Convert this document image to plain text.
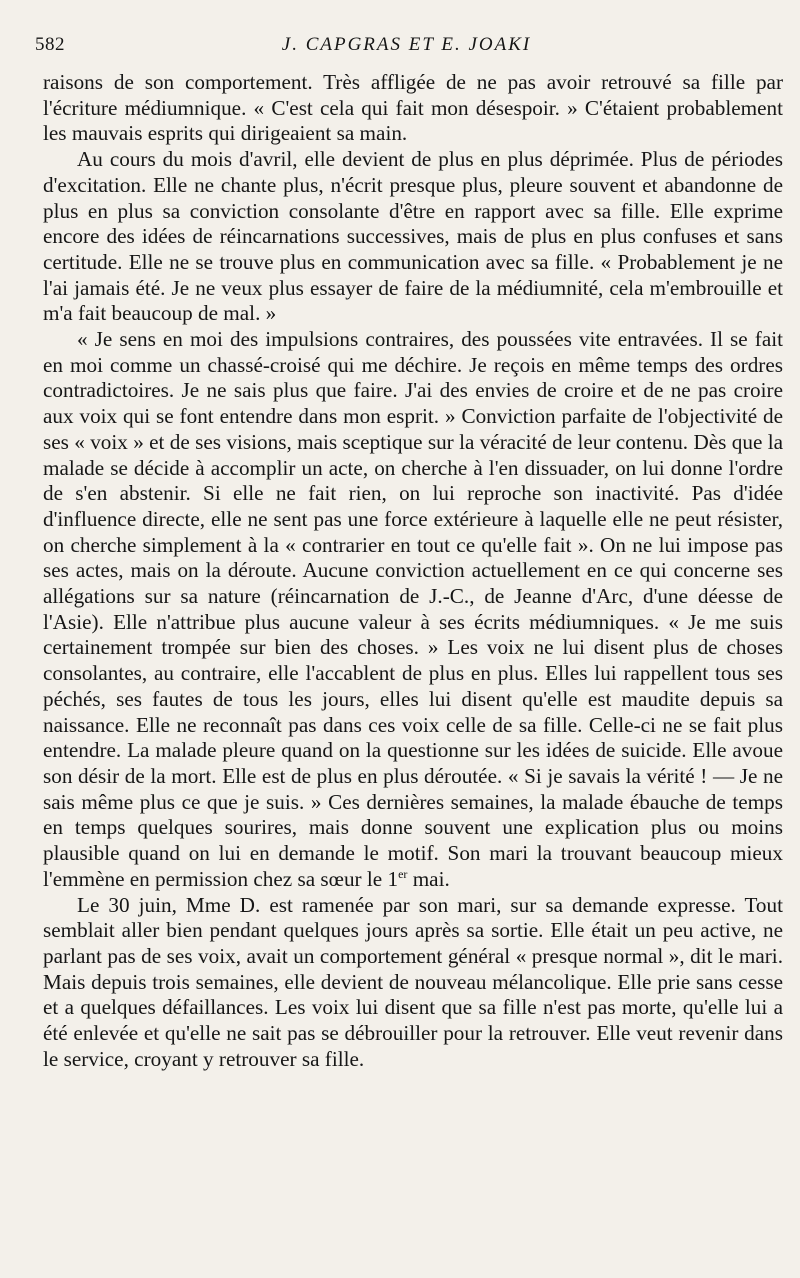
582	J. CAPGRAS ET E. JOAKI

raisons de son comportement. Très affligée de ne pas avoir retrouvé sa fille par l'écriture médiumnique. « C'est cela qui fait mon désespoir. » C'étaient probablement les mauvais esprits qui dirigeaient sa main.

Au cours du mois d'avril, elle devient de plus en plus déprimée. Plus de périodes d'excitation. Elle ne chante plus, n'écrit presque plus, pleure souvent et abandonne de plus en plus sa conviction consolante d'être en rapport avec sa fille. Elle exprime encore des idées de réincarnations successives, mais de plus en plus confuses et sans certitude. Elle ne se trouve plus en communication avec sa fille. « Probablement je ne l'ai jamais été. Je ne veux plus essayer de faire de la médiumnité, cela m'embrouille et m'a fait beaucoup de mal. »

« Je sens en moi des impulsions contraires, des poussées vite entravées. Il se fait en moi comme un chassé-croisé qui me déchire. Je reçois en même temps des ordres contradictoires. Je ne sais plus que faire. J'ai des envies de croire et de ne pas croire aux voix qui se font entendre dans mon esprit. » Conviction parfaite de l'objectivité de ses « voix » et de ses visions, mais sceptique sur la véracité de leur contenu. Dès que la malade se décide à accomplir un acte, on cherche à l'en dissuader, on lui donne l'ordre de s'en abstenir. Si elle ne fait rien, on lui reproche son inactivité. Pas d'idée d'influence directe, elle ne sent pas une force extérieure à laquelle elle ne peut résister, on cherche simplement à la « contrarier en tout ce qu'elle fait ». On ne lui impose pas ses actes, mais on la déroute. Aucune conviction actuellement en ce qui concerne ses allégations sur sa nature (réincarnation de J.-C., de Jeanne d'Arc, d'une déesse de l'Asie). Elle n'attribue plus aucune valeur à ses écrits médiumniques. « Je me suis certainement trompée sur bien des choses. » Les voix ne lui disent plus de choses consolantes, au contraire, elle l'accablent de plus en plus. Elles lui rappellent tous ses péchés, ses fautes de tous les jours, elles lui disent qu'elle est maudite depuis sa naissance. Elle ne reconnaît pas dans ces voix celle de sa fille. Celle-ci ne se fait plus entendre. La malade pleure quand on la questionne sur les idées de suicide. Elle avoue son désir de la mort. Elle est de plus en plus déroutée. « Si je savais la vérité ! — Je ne sais même plus ce que je suis. » Ces dernières semaines, la malade ébauche de temps en temps quelques sourires, mais donne souvent une explication plus ou moins plausible quand on lui en demande le motif. Son mari la trouvant beaucoup mieux l'emmène en permission chez sa sœur le 1er mai.

Le 30 juin, Mme D. est ramenée par son mari, sur sa demande expresse. Tout semblait aller bien pendant quelques jours après sa sortie. Elle était un peu active, ne parlant pas de ses voix, avait un comportement général « presque normal », dit le mari. Mais depuis trois semaines, elle devient de nouveau mélancolique. Elle prie sans cesse et a quelques défaillances. Les voix lui disent que sa fille n'est pas morte, qu'elle lui a été enlevée et qu'elle ne sait pas se débrouiller pour la retrouver. Elle veut revenir dans le service, croyant y retrouver sa fille.
